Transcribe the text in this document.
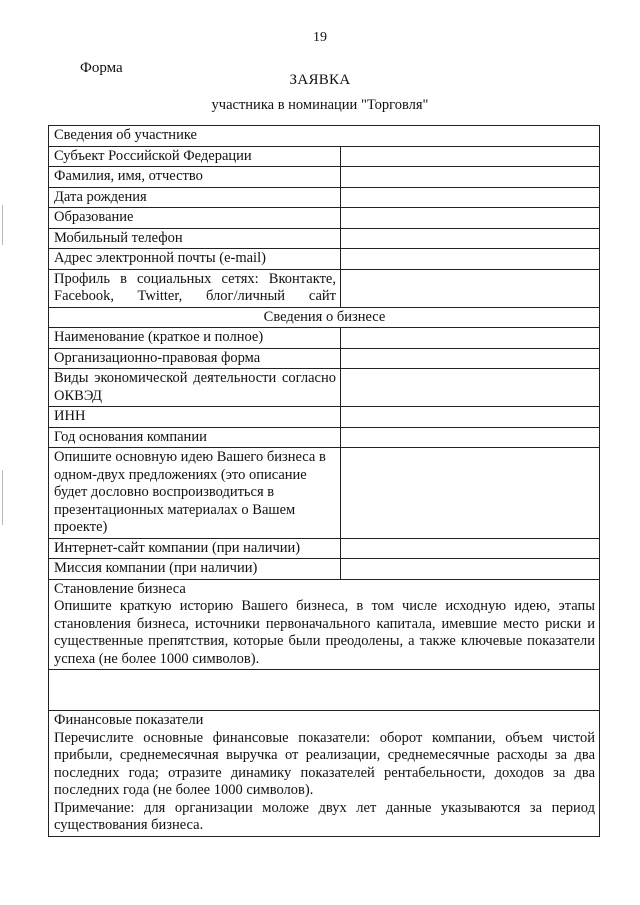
19
Форма
ЗАЯВКА
участника в номинации "Торговля"
Сведения об участнике	
Субъект Российской Федерации	
Фамилия, имя, отчество	
Дата рождения	
Образование	
Мобильный телефон	
Адрес электронной почты (e-mail)	
Профиль в социальных сетях: Вконтакте, Facebook, Twitter, блог/личный сайт	
Сведения о бизнесе	
Наименование (краткое и полное)	
Организационно-правовая форма	
Виды экономической деятельности согласно ОКВЭД	
ИНН	
Год основания компании	
Опишите основную идею Вашего бизнеса в одном-двух предложениях (это описание будет дословно воспроизводиться в презентационных материалах о Вашем проекте)	
Интернет-сайт компании (при наличии)	
Миссия компании (при наличии)	

Становление бизнеса
Опишите краткую историю Вашего бизнеса, в том числе исходную идею, этапы становления бизнеса, источники первоначального капитала, имевшие место риски и существенные препятствия, которые были преодолены, а также ключевые показатели успеха (не более 1000 символов).	

Финансовые показатели
Перечислите основные финансовые показатели: оборот компании, объем чистой прибыли, среднемесячная выручка от реализации, среднемесячные расходы за два последних года; отразите динамику показателей рентабельности, доходов за два последних года (не более 1000 символов).
Примечание: для организации моложе двух лет данные указываются за период существования бизнеса.	
